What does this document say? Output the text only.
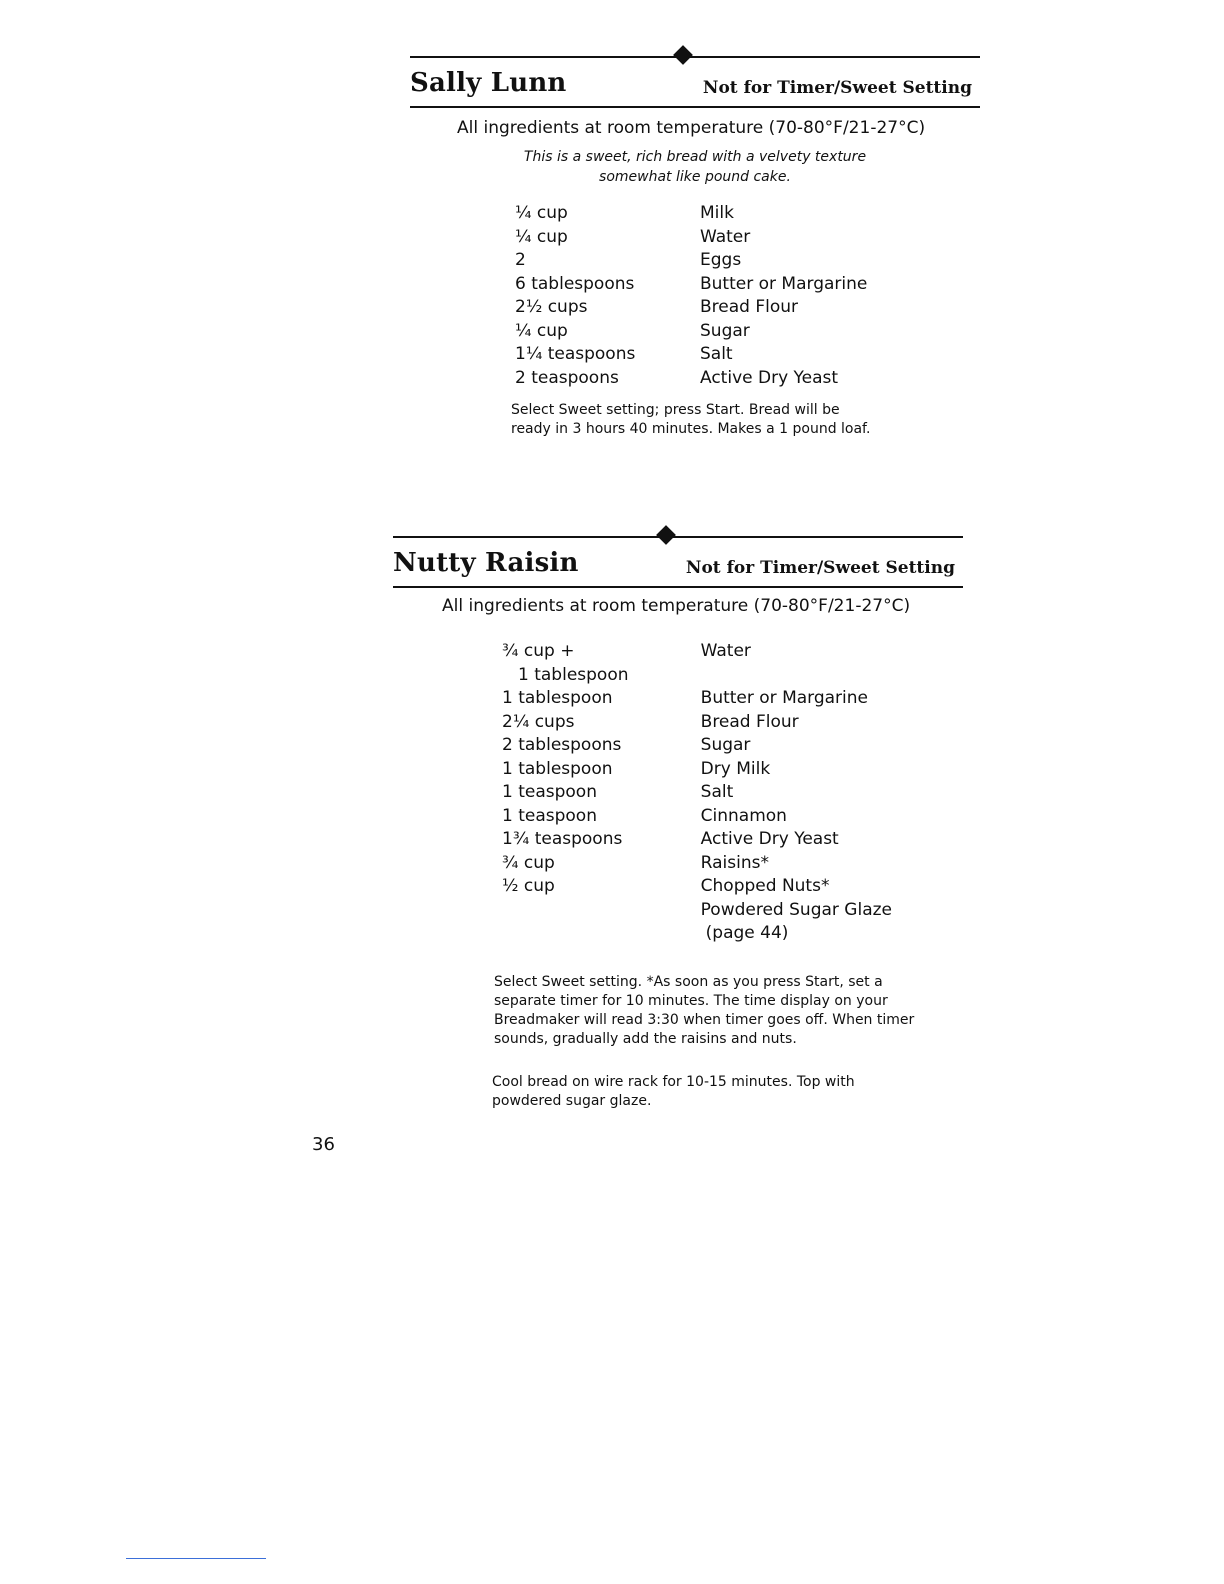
Sally Lunn	Not for Timer/Sweet Setting
All ingredients at room temperature (70-80°F/21-27°C)
This is a sweet, rich bread with a velvety texture
somewhat like pound cake.
¼ cup	Milk
¼ cup	Water
2	Eggs
6 tablespoons	Butter or Margarine
2½ cups	Bread Flour
¼ cup	Sugar
1¼ teaspoons	Salt
2 teaspoons	Active Dry Yeast

Select Sweet setting; press Start. Bread will be ready in 3 hours 40 minutes. Makes a 1 pound loaf.

Nutty Raisin	Not for Timer/Sweet Setting
All ingredients at room temperature (70-80°F/21-27°C)
¾ cup +	Water
1 tablespoon	
1 tablespoon	Butter or Margarine
2¼ cups	Bread Flour
2 tablespoons	Sugar
1 tablespoon	Dry Milk
1 teaspoon	Salt
1 teaspoon	Cinnamon
1¾ teaspoons	Active Dry Yeast
¾ cup	Raisins*
½ cup	Chopped Nuts*
	Powdered Sugar Glaze
	(page 44)

Select Sweet setting. *As soon as you press Start, set a separate timer for 10 minutes. The time display on your Breadmaker will read 3:30 when timer goes off. When timer sounds, gradually add the raisins and nuts.

Cool bread on wire rack for 10-15 minutes. Top with powdered sugar glaze.

36
